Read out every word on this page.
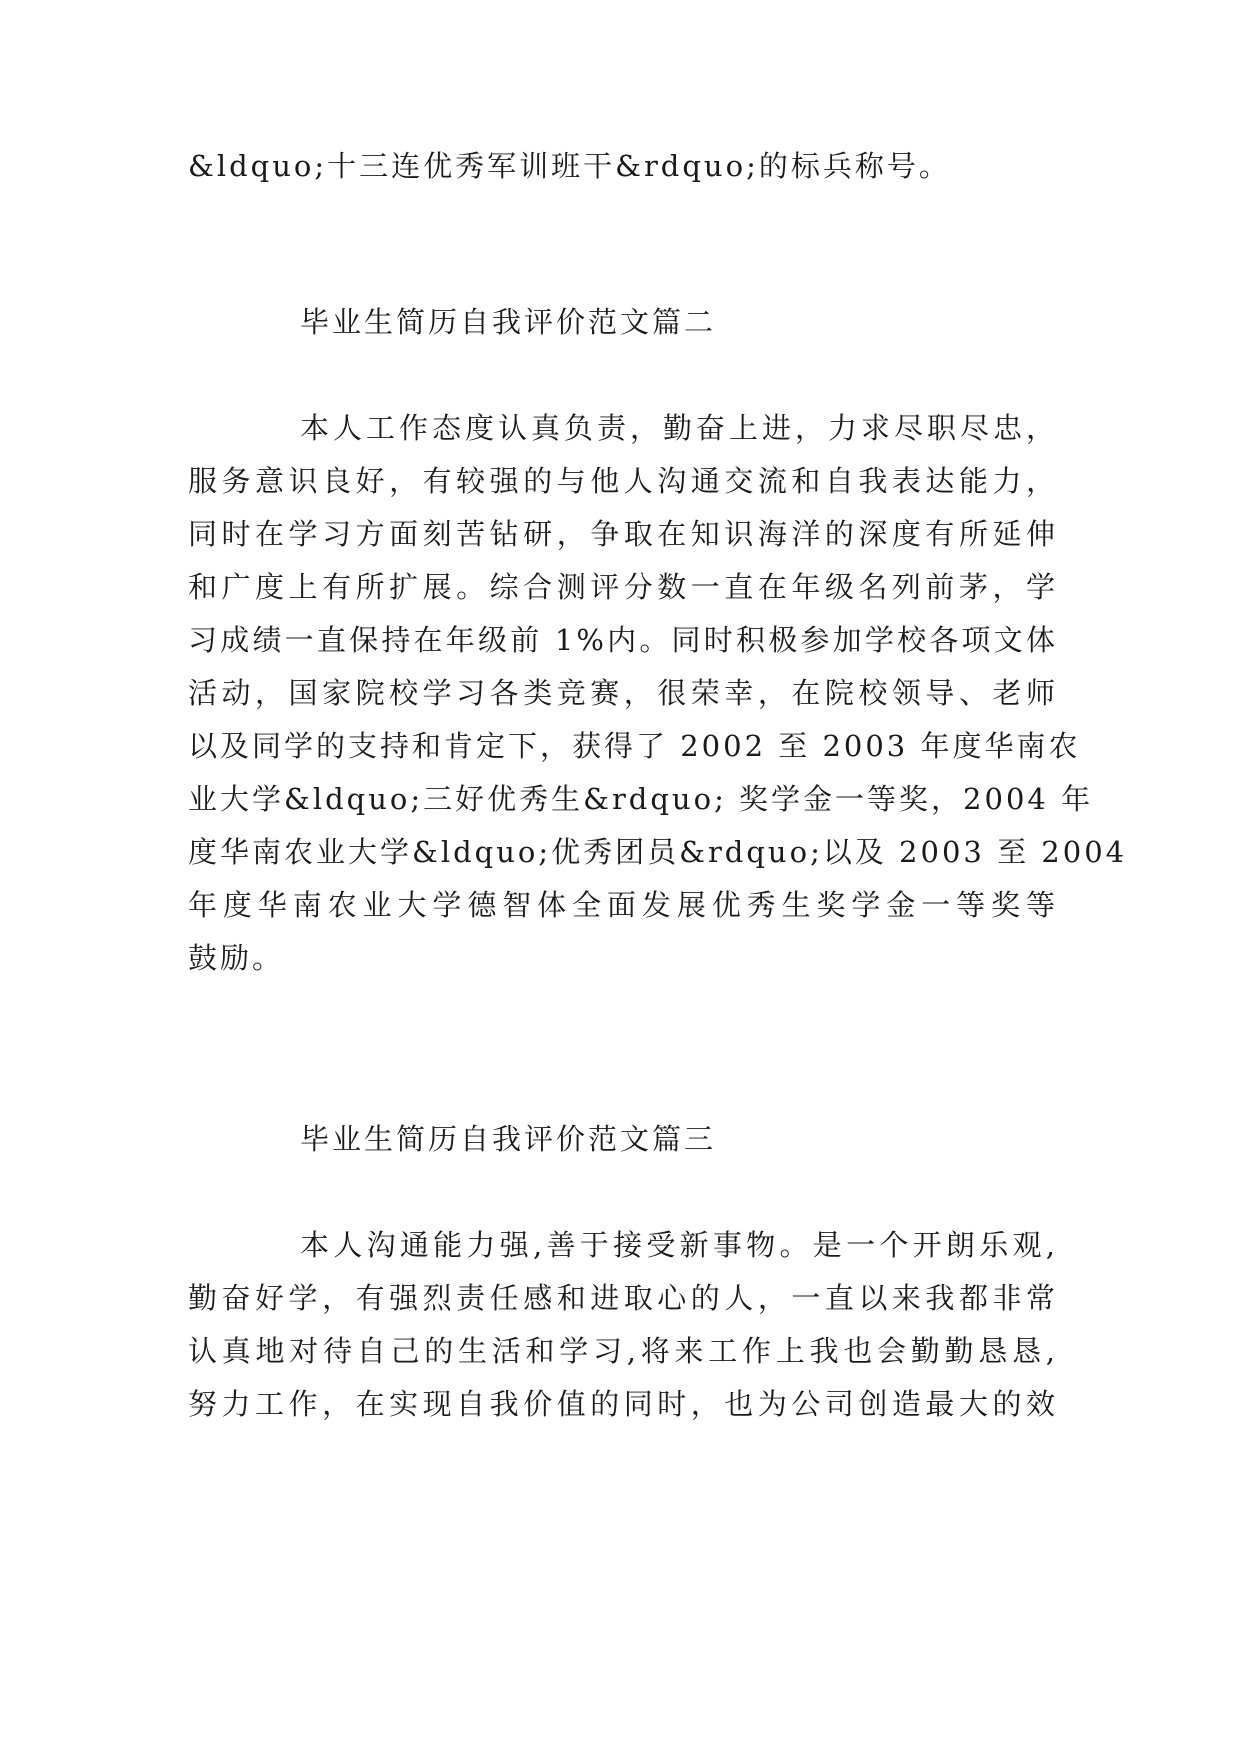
&ldquo;十三连优秀军训班干&rdquo;的标兵称号。
毕业生简历自我评价范文篇二
本人工作态度认真负责，勤奋上进，力求尽职尽忠，
服务意识良好，有较强的与他人沟通交流和自我表达能力，
同时在学习方面刻苦钻研，争取在知识海洋的深度有所延伸
和广度上有所扩展。综合测评分数一直在年级名列前茅，学
习成绩一直保持在年级前 1%内。同时积极参加学校各项文体
活动，国家院校学习各类竞赛，很荣幸，在院校领导、老师
以及同学的支持和肯定下，获得了 2002 至 2003 年度华南农
业大学&ldquo;三好优秀生&rdquo; 奖学金一等奖，2004 年
度华南农业大学&ldquo;优秀团员&rdquo;以及 2003 至 2004
年度华南农业大学德智体全面发展优秀生奖学金一等奖等
鼓励。
毕业生简历自我评价范文篇三
本人沟通能力强,善于接受新事物。是一个开朗乐观,
勤奋好学，有强烈责任感和进取心的人，一直以来我都非常
认真地对待自己的生活和学习,将来工作上我也会勤勤恳恳,
努力工作，在实现自我价值的同时，也为公司创造最大的效
